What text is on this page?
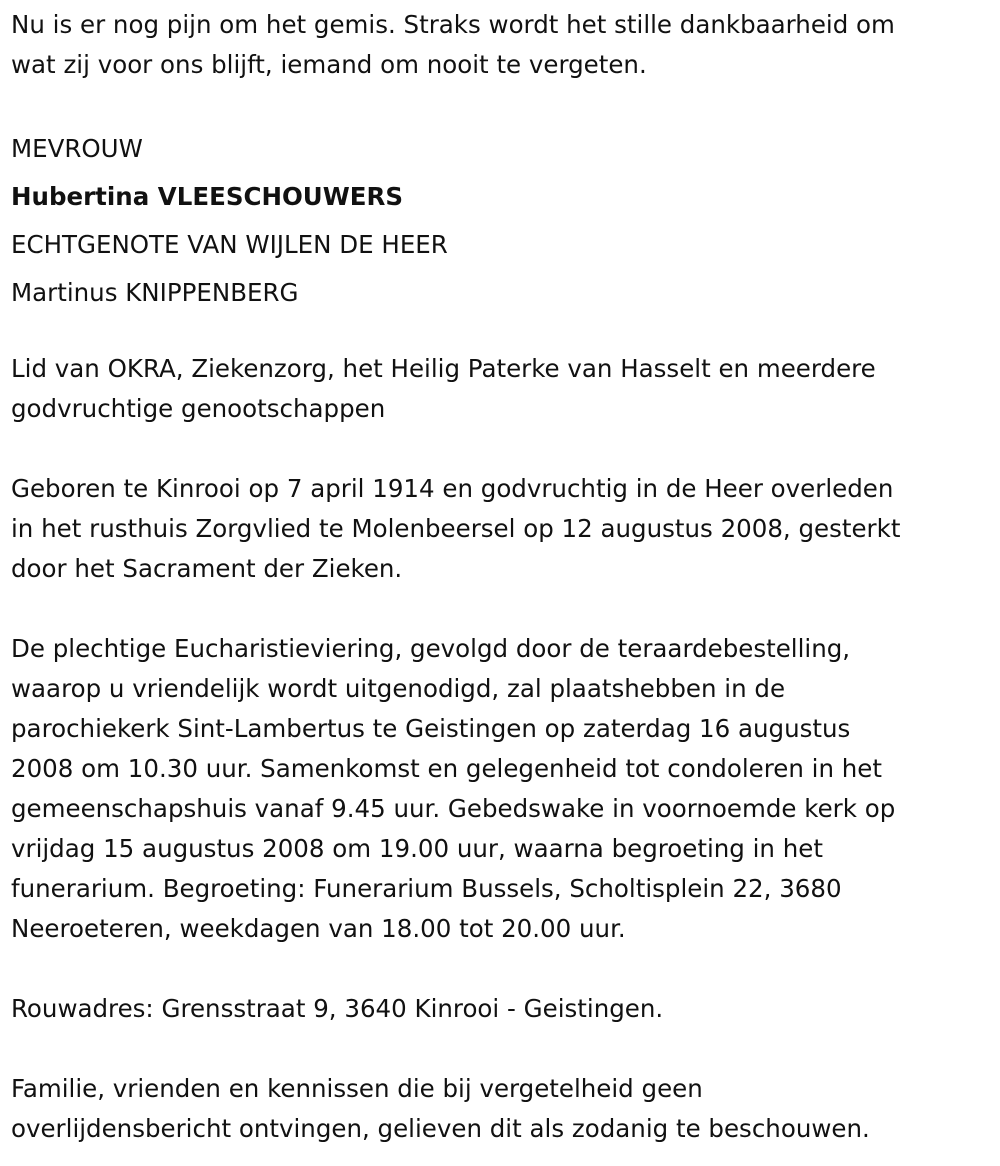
Nu is er nog pijn om het gemis. Straks wordt het stille dankbaarheid om
wat zij voor ons blijft, iemand om nooit te vergeten.
MEVROUW
Hubertina VLEESCHOUWERS
ECHTGENOTE VAN WIJLEN DE HEER
Martinus KNIPPENBERG
Lid van OKRA, Ziekenzorg, het Heilig Paterke van Hasselt en meerdere
godvruchtige genootschappen
Geboren te Kinrooi op 7 april 1914 en godvruchtig in de Heer overleden
in het rusthuis Zorgvlied te Molenbeersel op 12 augustus 2008, gesterkt
door het Sacrament der Zieken.
De plechtige Eucharistieviering, gevolgd door de teraardebestelling,
waarop u vriendelijk wordt uitgenodigd, zal plaatshebben in de
parochiekerk Sint-Lambertus te Geistingen op zaterdag 16 augustus
2008 om 10.30 uur. Samenkomst en gelegenheid tot condoleren in het
gemeenschapshuis vanaf 9.45 uur. Gebedswake in voornoemde kerk op
vrijdag 15 augustus 2008 om 19.00 uur, waarna begroeting in het
funerarium. Begroeting: Funerarium Bussels, Scholtisplein 22, 3680
Neeroeteren, weekdagen van 18.00 tot 20.00 uur.
Rouwadres: Grensstraat 9, 3640 Kinrooi - Geistingen.
Familie, vrienden en kennissen die bij vergetelheid geen
overlijdensbericht ontvingen, gelieven dit als zodanig te beschouwen.
